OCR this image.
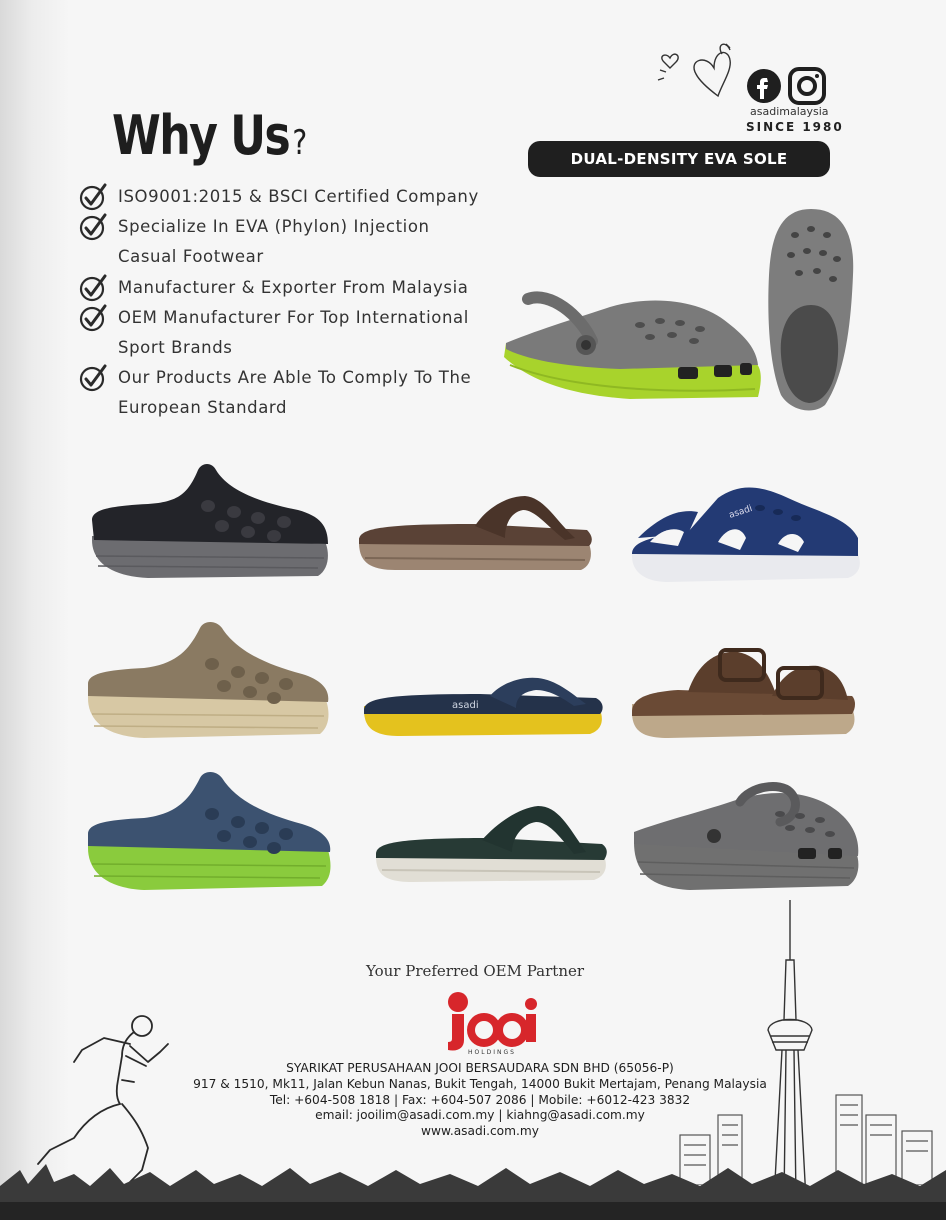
Why Us?
ISO9001:2015 & BSCI Certified Company
Specialize In EVA (Phylon) Injection Casual Footwear
Manufacturer & Exporter From Malaysia
OEM Manufacturer For Top International Sport Brands
Our Products Are Able To Comply To The European Standard
asadimalaysia
SINCE 1980
DUAL-DENSITY EVA SOLE
asadi
asadi
Your Preferred OEM Partner
HOLDINGS
SYARIKAT PERUSAHAAN JOOI BERSAUDARA SDN BHD (65056-P)
917 & 1510, Mk11, Jalan Kebun Nanas, Bukit Tengah, 14000 Bukit Mertajam, Penang Malaysia
Tel: +604-508 1818 | Fax: +604-507 2086 | Mobile: +6012-423 3832
email: jooilim@asadi.com.my | kiahng@asadi.com.my
www.asadi.com.my
